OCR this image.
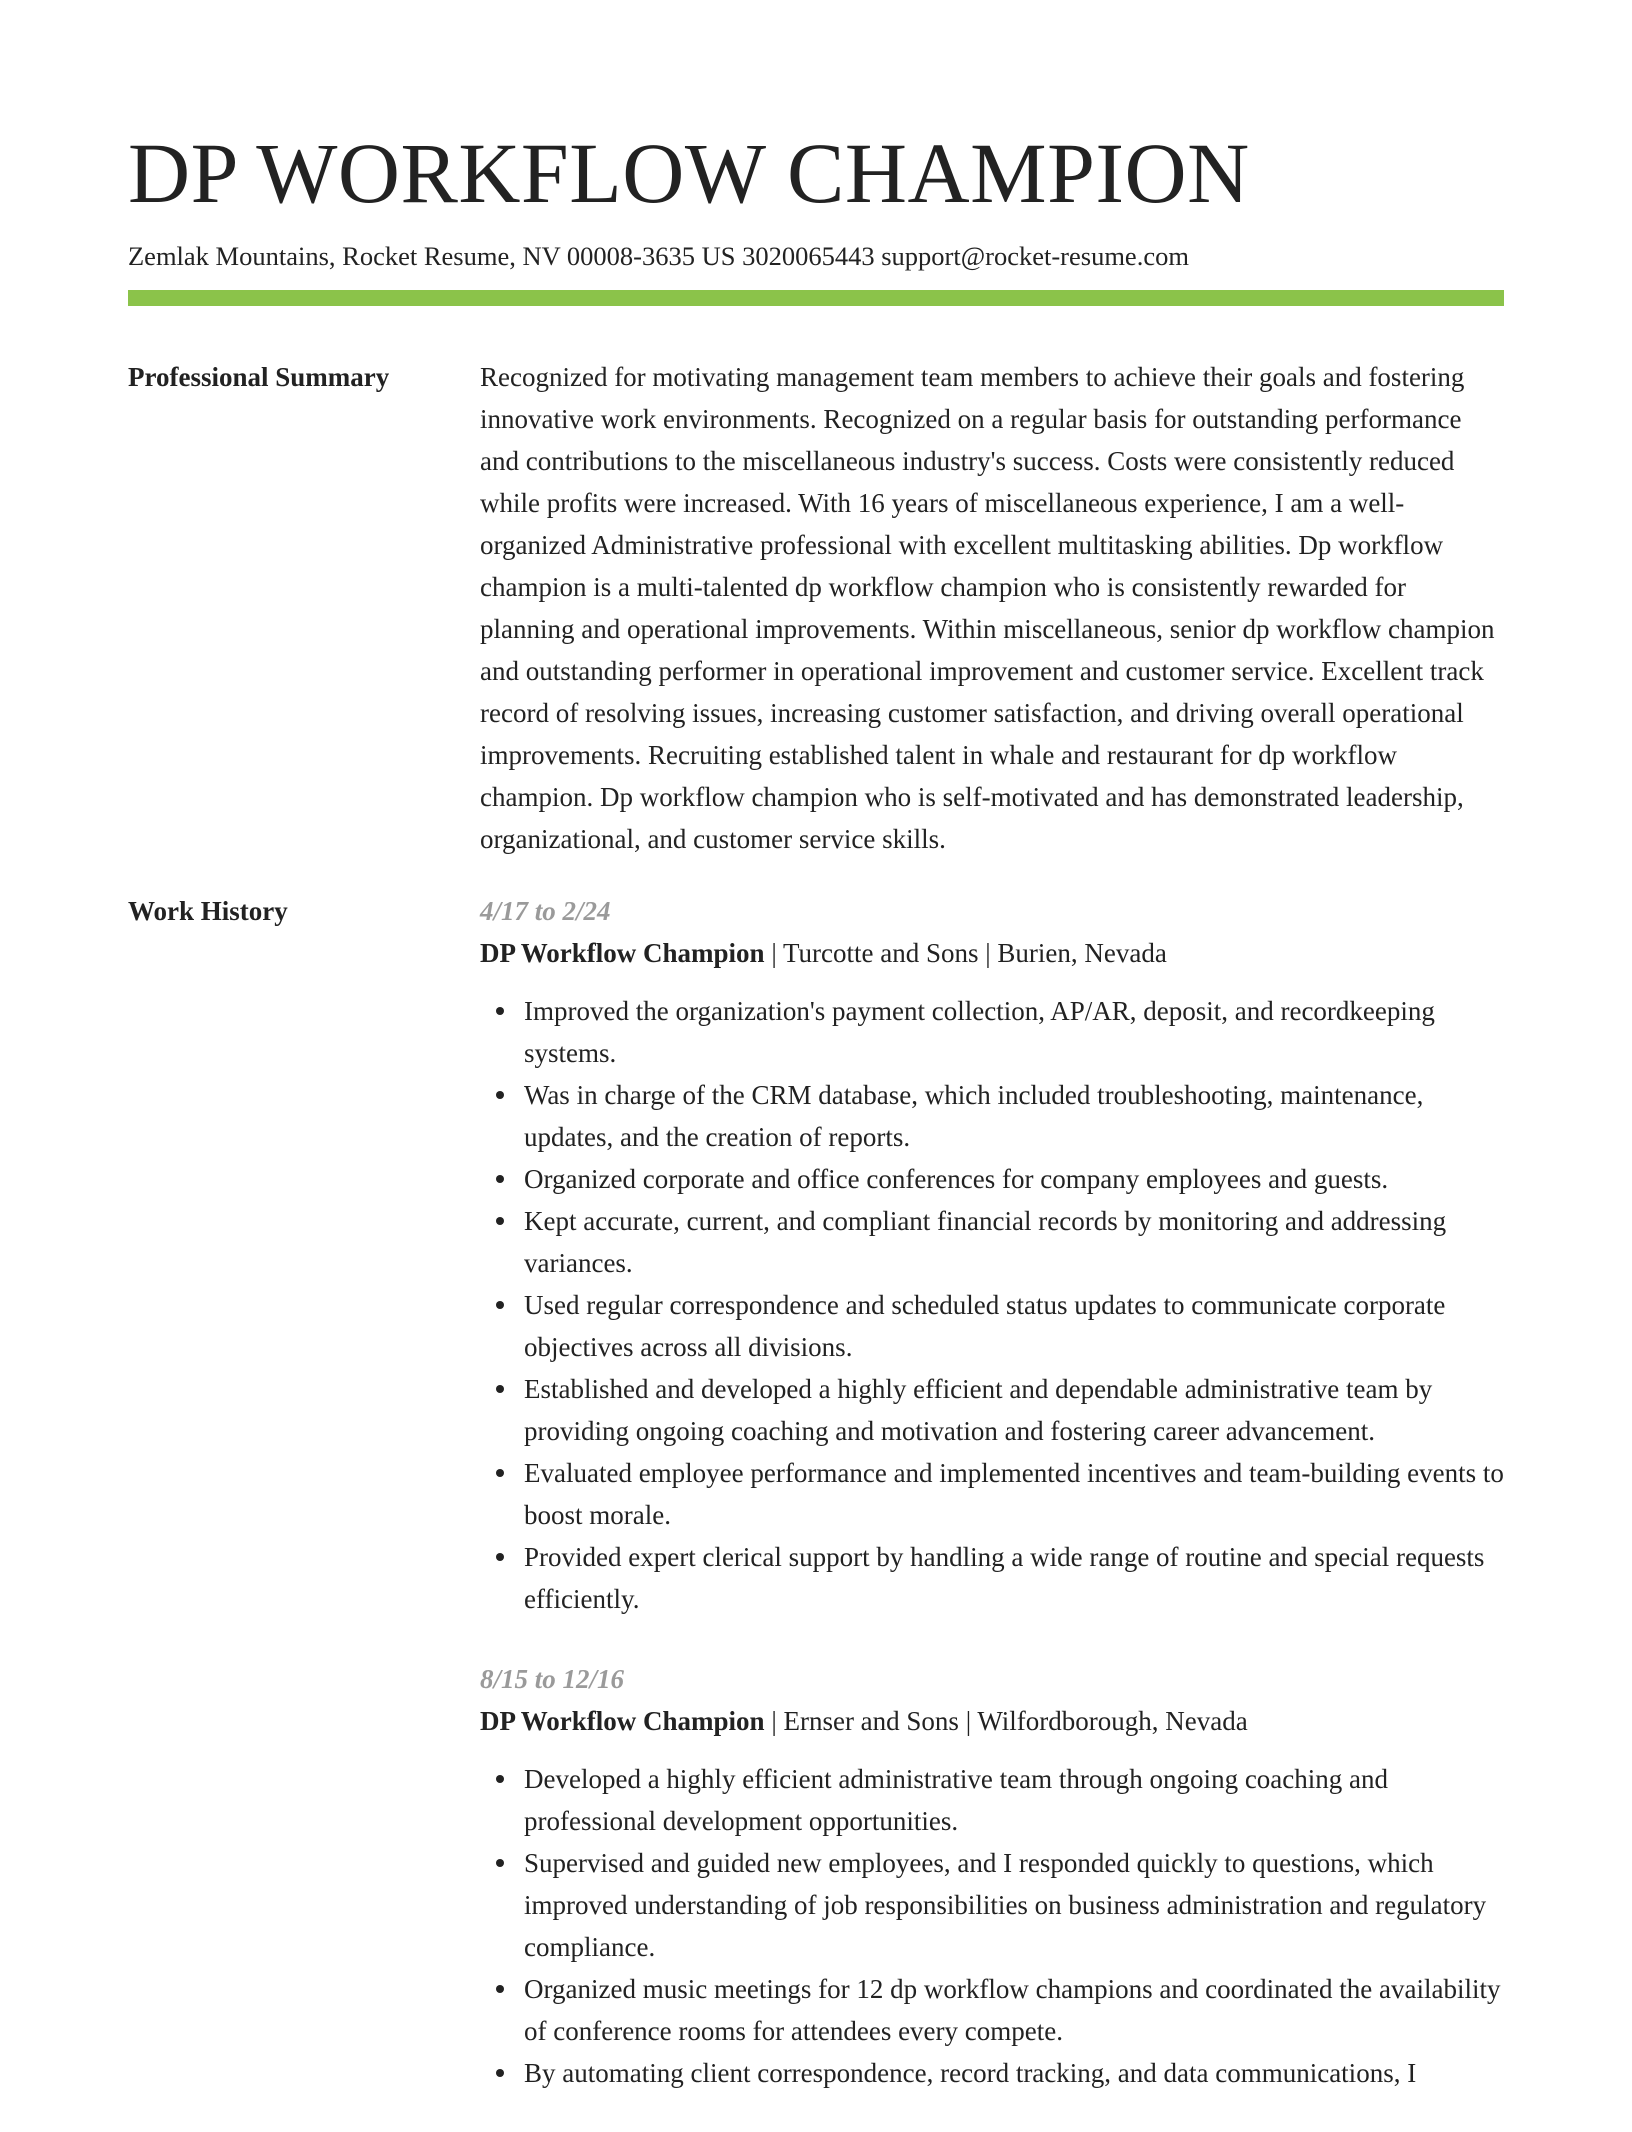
DP WORKFLOW CHAMPION
Zemlak Mountains, Rocket Resume, NV 00008-3635 US 3020065443 support@rocket-resume.com
Professional Summary	Recognized for motivating management team members to achieve their goals and fostering innovative work environments. Recognized on a regular basis for outstanding performance and contributions to the miscellaneous industry's success. Costs were consistently reduced while profits were increased. With 16 years of miscellaneous experience, I am a well-organized Administrative professional with excellent multitasking abilities. Dp workflow champion is a multi-talented dp workflow champion who is consistently rewarded for planning and operational improvements. Within miscellaneous, senior dp workflow champion and outstanding performer in operational improvement and customer service. Excellent track record of resolving issues, increasing customer satisfaction, and driving overall operational improvements. Recruiting established talent in whale and restaurant for dp workflow champion. Dp workflow champion who is self-motivated and has demonstrated leadership, organizational, and customer service skills.

Work History	4/17 to 2/24
DP Workflow Champion | Turcotte and Sons | Burien, Nevada
Improved the organization's payment collection, AP/AR, deposit, and recordkeeping systems.
Was in charge of the CRM database, which included troubleshooting, maintenance, updates, and the creation of reports.
Organized corporate and office conferences for company employees and guests.
Kept accurate, current, and compliant financial records by monitoring and addressing variances.
Used regular correspondence and scheduled status updates to communicate corporate objectives across all divisions.
Established and developed a highly efficient and dependable administrative team by providing ongoing coaching and motivation and fostering career advancement.
Evaluated employee performance and implemented incentives and team-building events to boost morale.
Provided expert clerical support by handling a wide range of routine and special requests efficiently.
8/15 to 12/16
DP Workflow Champion | Ernser and Sons | Wilfordborough, Nevada
Developed a highly efficient administrative team through ongoing coaching and professional development opportunities.
Supervised and guided new employees, and I responded quickly to questions, which improved understanding of job responsibilities on business administration and regulatory compliance.
Organized music meetings for 12 dp workflow champions and coordinated the availability of conference rooms for attendees every compete.
By automating client correspondence, record tracking, and data communications, I
